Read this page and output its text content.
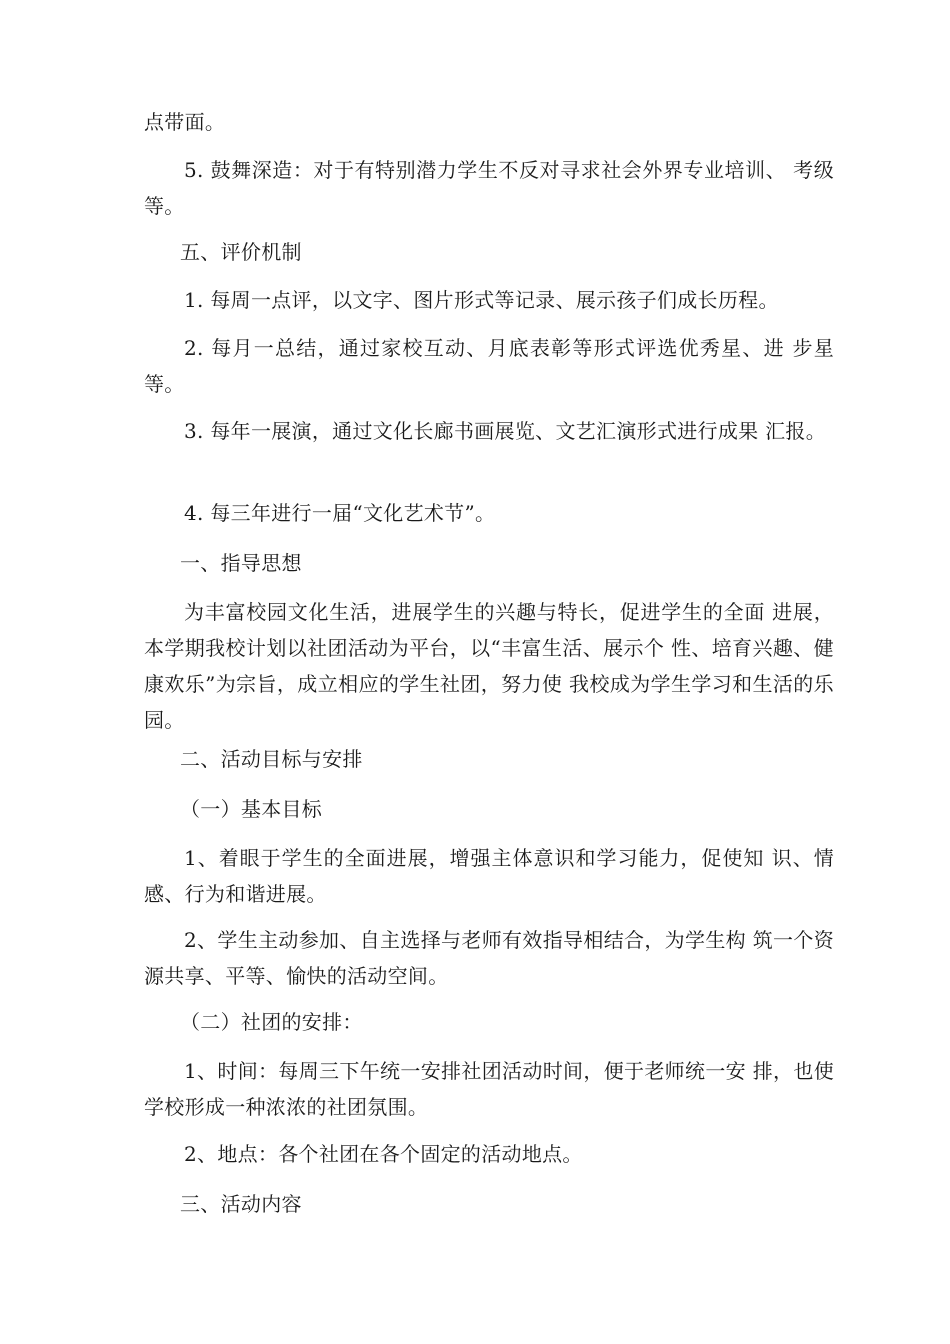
点带面。

5. 鼓舞深造：对于有特别潜力学生不反对寻求社会外界专业培训、 考级等。

五、评价机制

1. 每周一点评，以文字、图片形式等记录、展示孩子们成长历程。

2. 每月一总结，通过家校互动、月底表彰等形式评选优秀星、进 步星等。

3. 每年一展演，通过文化长廊书画展览、文艺汇演形式进行成果 汇报。

4. 每三年进行一届“文化艺术节”。

一、指导思想

为丰富校园文化生活，进展学生的兴趣与特长，促进学生的全面 进展，本学期我校计划以社团活动为平台，以“丰富生活、展示个 性、培育兴趣、健康欢乐”为宗旨，成立相应的学生社团，努力使 我校成为学生学习和生活的乐园。

二、活动目标与安排

（一）基本目标

1、着眼于学生的全面进展，增强主体意识和学习能力，促使知 识、情感、行为和谐进展。

2、学生主动参加、自主选择与老师有效指导相结合，为学生构 筑一个资源共享、平等、愉快的活动空间。

（二）社团的安排：

1、时间：每周三下午统一安排社团活动时间，便于老师统一安 排，也使学校形成一种浓浓的社团氛围。

2、地点：各个社团在各个固定的活动地点。

三、活动内容
